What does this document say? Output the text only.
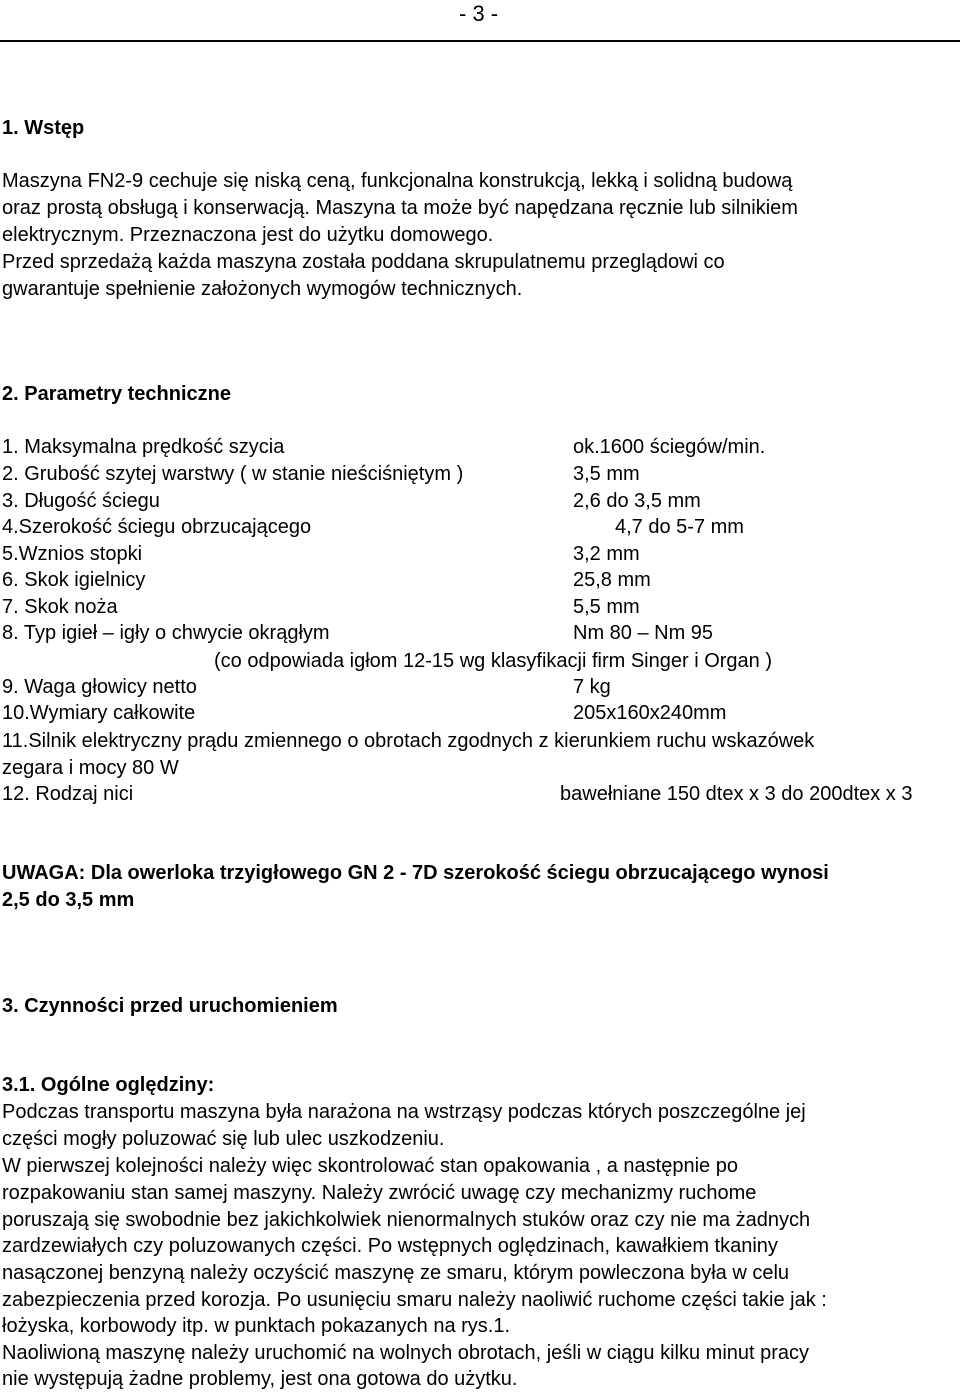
- 3 -
1. Wstęp
Maszyna FN2-9 cechuje się niską ceną, funkcjonalna konstrukcją, lekką i solidną budową
oraz prostą obsługą i konserwacją. Maszyna ta może być napędzana ręcznie lub silnikiem
elektrycznym. Przeznaczona jest do użytku domowego.
Przed sprzedażą każda maszyna została poddana skrupulatnemu przeglądowi co
gwarantuje spełnienie założonych wymogów technicznych.
2. Parametry techniczne
1. Maksymalna prędkość szycia	ok.1600 ściegów/min.
2. Grubość szytej warstwy ( w stanie nieściśniętym )	3,5 mm
3. Długość ściegu	2,6 do 3,5 mm
4.Szerokość ściegu obrzucającego	4,7 do 5-7 mm
5.Wznios stopki	3,2 mm
6. Skok igielnicy	25,8 mm
7. Skok noża	5,5 mm
8. Typ igieł – igły o chwycie okrągłym	Nm 80 – Nm 95
(co odpowiada igłom 12-15 wg klasyfikacji firm Singer i Organ )
9. Waga głowicy netto	7 kg
10.Wymiary całkowite	205x160x240mm
11.Silnik elektryczny prądu zmiennego o obrotach zgodnych z kierunkiem ruchu wskazówek
zegara i mocy 80 W
12. Rodzaj nici	bawełniane 150 dtex x 3 do 200dtex x 3
UWAGA: Dla owerloka trzyigłowego GN 2 - 7D szerokość ściegu obrzucającego wynosi
2,5 do 3,5 mm
3. Czynności przed uruchomieniem
3.1. Ogólne oględziny:
Podczas transportu maszyna była narażona na wstrząsy podczas których poszczególne jej
części mogły poluzować się lub ulec uszkodzeniu.
W pierwszej kolejności należy więc skontrolować stan opakowania , a następnie po
rozpakowaniu stan samej maszyny. Należy zwrócić uwagę czy mechanizmy ruchome
poruszają się swobodnie bez jakichkolwiek nienormalnych stuków oraz czy nie ma żadnych
zardzewiałych czy poluzowanych części. Po wstępnych oględzinach, kawałkiem tkaniny
nasączonej benzyną należy oczyścić maszynę ze smaru, którym powleczona była w celu
zabezpieczenia przed korozja. Po usunięciu smaru należy naoliwić ruchome części takie jak :
łożyska, korbowody itp. w punktach pokazanych na rys.1.
Naoliwioną maszynę należy uruchomić na wolnych obrotach, jeśli w ciągu kilku minut pracy
nie występują żadne problemy, jest ona gotowa do użytku.
